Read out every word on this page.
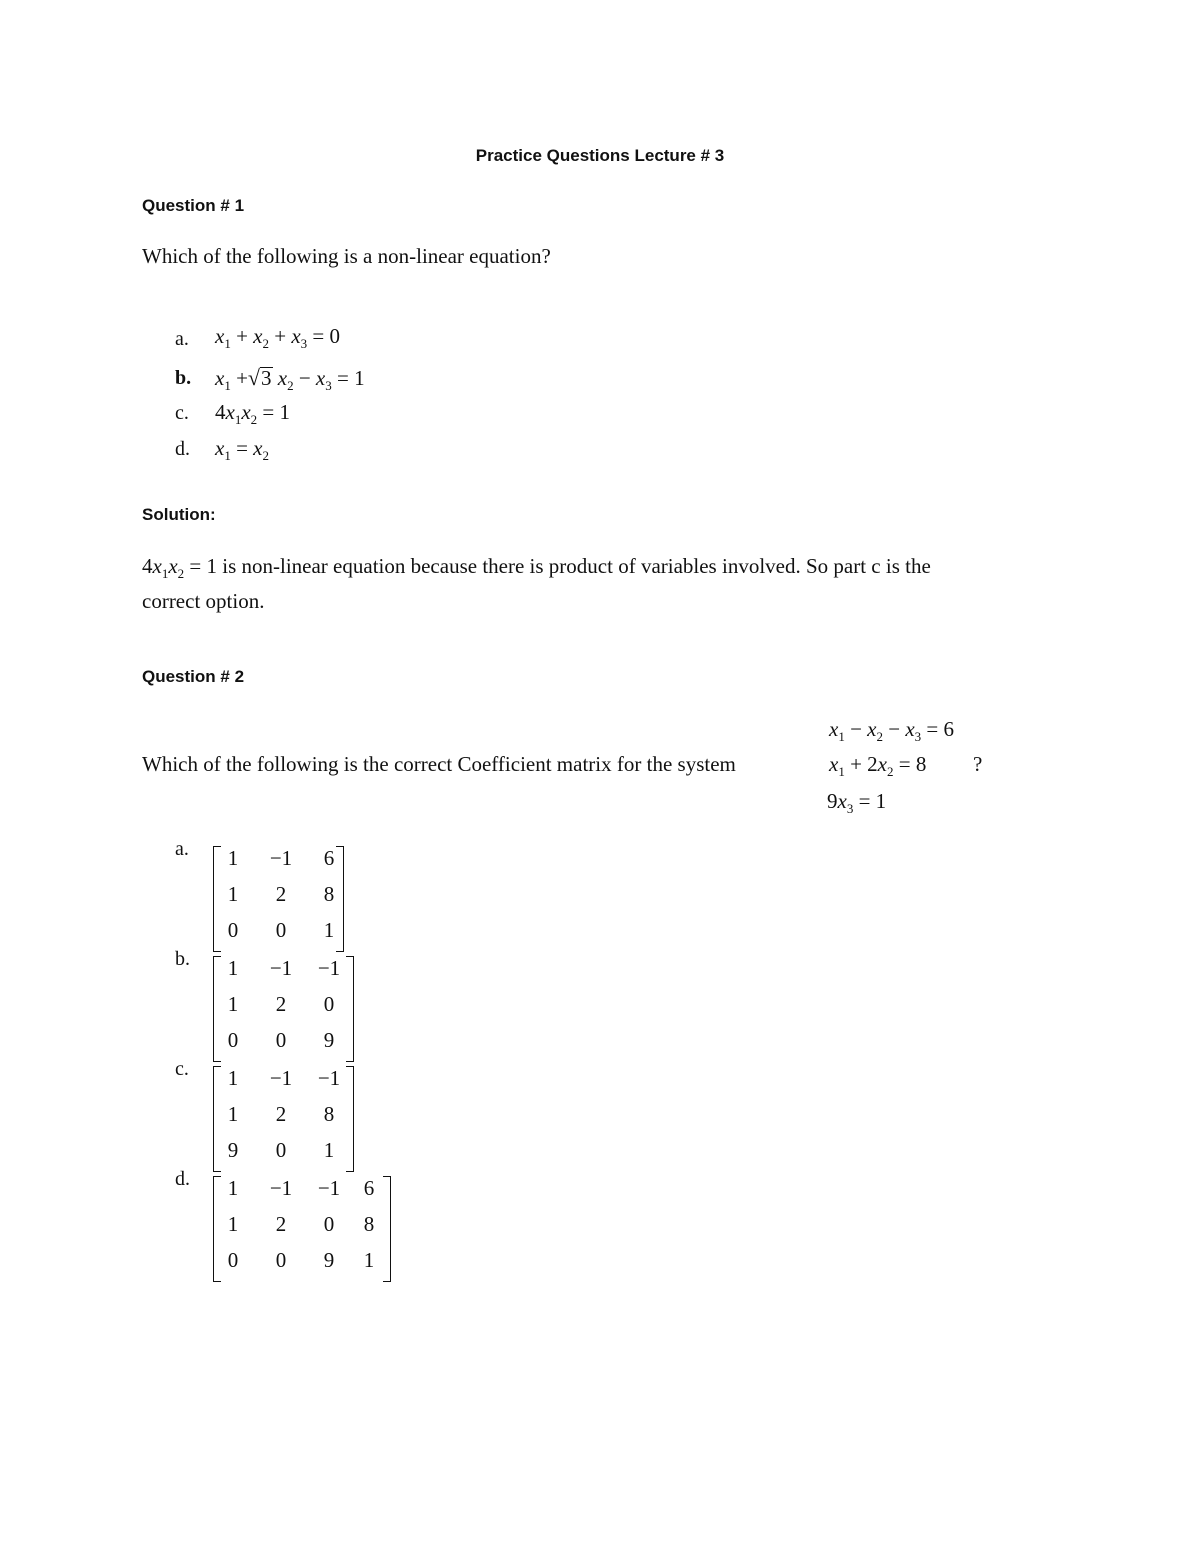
Practice Questions Lecture # 3
Question # 1
Which of the following is a non-linear equation?
a. $x_1 + x_2 + x_3 = 0$
b. $x_1 +√3$ $x_2 - x_3 = 1$
c. $4x_1x_2 = 1$
d. $x_1 = x_2$
Solution:
$4x_1x_2 = 1$ is non-linear equation because there is product of variables involved. So part c is the
correct option.
Question # 2
$x_1 - x_2 - x_3 = 6$
Which of the following is the correct Coefficient matrix for the system	$x_1 + 2x_2 = 8$ ?
$9x_3 = 1$
a.	1	−1	6
1	2	8
0	0	1
b.	1	−1	−1
1	2	0
0	0	9
c.	1	−1	−1
1	2	8
9	0	1
d.	1	−1	−1	6
1	2	0	8
0	0	9	1
